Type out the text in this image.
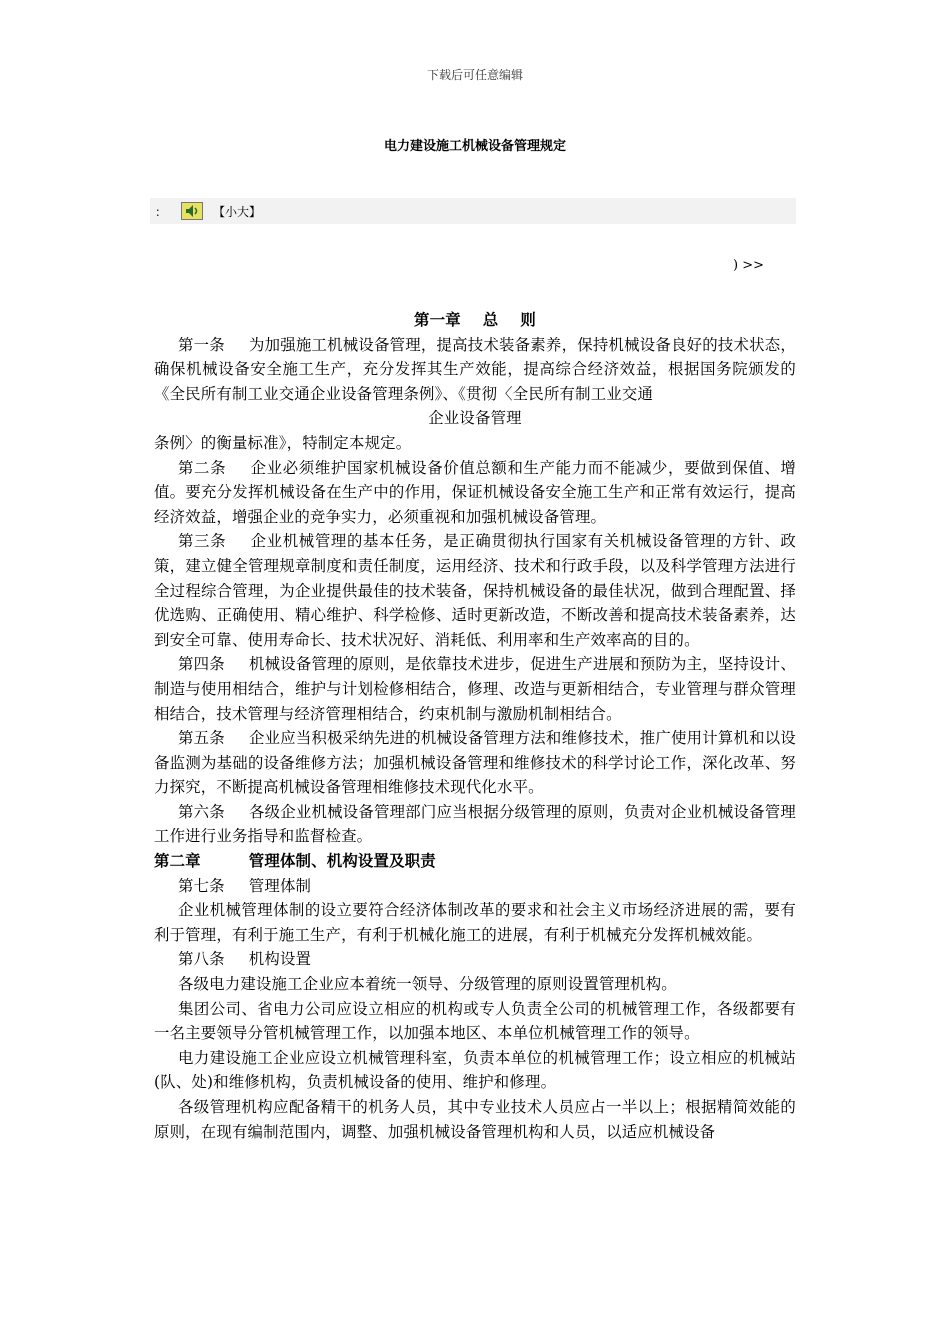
下载后可任意编辑
电力建设施工机械设备管理规定
：	【小大】
) >>

第一章 总 则

第一条 为加强施工机械设备管理，提高技术装备素养，保持机械设备良好的技术状态，确保机械设备安全施工生产，充分发挥其生产效能，提高综合经济效益，根据国务院颁发的《全民所有制工业交通企业设备管理条例》、《贯彻〈全民所有制工业交通

企业设备管理

条例〉的衡量标准》，特制定本规定。

第二条 企业必须维护国家机械设备价值总额和生产能力而不能减少，要做到保值、增值。要充分发挥机械设备在生产中的作用，保证机械设备安全施工生产和正常有效运行，提高经济效益，增强企业的竞争实力，必须重视和加强机械设备管理。

第三条 企业机械管理的基本任务，是正确贯彻执行国家有关机械设备管理的方针、政策，建立健全管理规章制度和责任制度，运用经济、技术和行政手段，以及科学管理方法进行全过程综合管理，为企业提供最佳的技术装备，保持机械设备的最佳状况，做到合理配置、择优选购、正确使用、精心维护、科学检修、适时更新改造，不断改善和提高技术装备素养，达到安全可靠、使用寿命长、技术状况好、消耗低、利用率和生产效率高的目的。

第四条 机械设备管理的原则，是依靠技术进步，促进生产进展和预防为主，坚持设计、制造与使用相结合，维护与计划检修相结合，修理、改造与更新相结合，专业管理与群众管理相结合，技术管理与经济管理相结合，约束机制与激励机制相结合。

第五条 企业应当积极采纳先进的机械设备管理方法和维修技术，推广使用计算机和以设备监测为基础的设备维修方法；加强机械设备管理和维修技术的科学讨论工作，深化改革、努力探究，不断提高机械设备管理相维修技术现代化水平。

第六条 各级企业机械设备管理部门应当根据分级管理的原则，负责对企业机械设备管理工作进行业务指导和监督检查。

第二章	管理体制、机构设置及职责

第七条 管理体制

企业机械管理体制的设立要符合经济体制改革的要求和社会主义市场经济进展的需，要有利于管理，有利于施工生产，有利于机械化施工的进展，有利于机械充分发挥机械效能。

第八条 机构设置

各级电力建设施工企业应本着统一领导、分级管理的原则设置管理机构。

集团公司、省电力公司应设立相应的机构或专人负责全公司的机械管理工作，各级都要有一名主要领导分管机械管理工作，以加强本地区、本单位机械管理工作的领导。

电力建设施工企业应设立机械管理科室，负责本单位的机械管理工作；设立相应的机械站(队、处)和维修机构，负责机械设备的使用、维护和修理。

各级管理机构应配备精干的机务人员，其中专业技术人员应占一半以上；根据精简效能的原则，在现有编制范围内，调整、加强机械设备管理机构和人员，以适应机械设备
